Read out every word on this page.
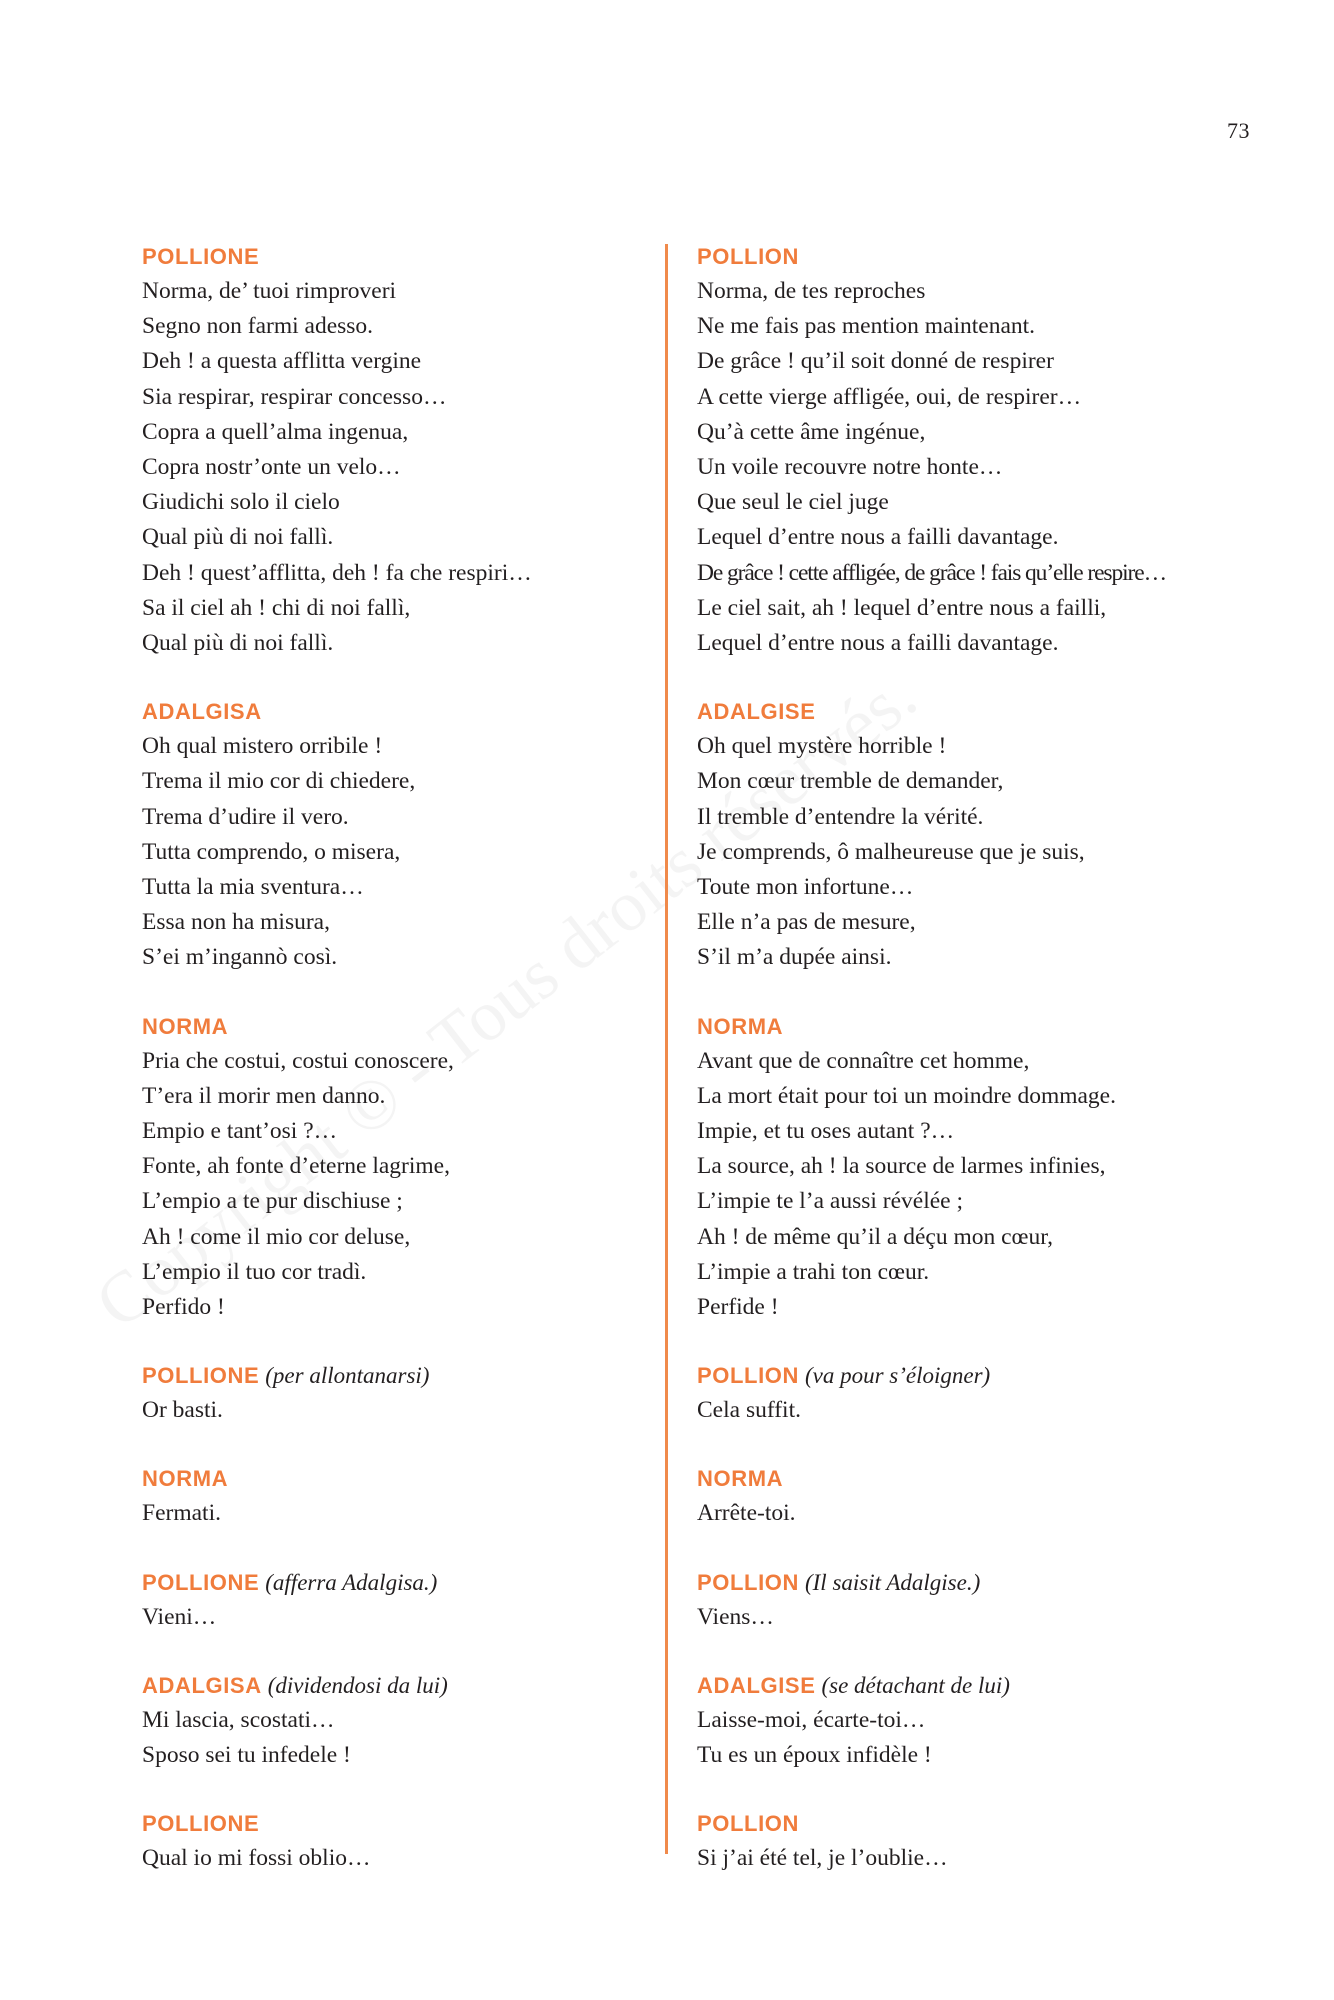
73
POLLIONE
Norma, de’ tuoi rimproveri
Segno non farmi adesso.
Deh ! a questa afflitta vergine
Sia respirar, respirar concesso…
Copra a quell’alma ingenua,
Copra nostr’onte un velo…
Giudichi solo il cielo
Qual più di noi fallì.
Deh ! quest’afflitta, deh ! fa che respiri…
Sa il ciel ah ! chi di noi fallì,
Qual più di noi fallì.
ADALGISA
Oh qual mistero orribile !
Trema il mio cor di chiedere,
Trema d’udire il vero.
Tutta comprendo, o misera,
Tutta la mia sventura…
Essa non ha misura,
S’ei m’ingannò così.
NORMA
Pria che costui, costui conoscere,
T’era il morir men danno.
Empio e tant’osi ?…
Fonte, ah fonte d’eterne lagrime,
L’empio a te pur dischiuse ;
Ah ! come il mio cor deluse,
L’empio il tuo cor tradì.
Perfido !
POLLIONE (per allontanarsi)
Or basti.
NORMA
Fermati.
POLLIONE (afferra Adalgisa.)
Vieni…
ADALGISA (dividendosi da lui)
Mi lascia, scostati…
Sposo sei tu infedele !
POLLIONE
Qual io mi fossi oblio…
POLLION
Norma, de tes reproches
Ne me fais pas mention maintenant.
De grâce ! qu’il soit donné de respirer
A cette vierge affligée, oui, de respirer…
Qu’à cette âme ingénue,
Un voile recouvre notre honte…
Que seul le ciel juge
Lequel d’entre nous a failli davantage.
De grâce ! cette affligée, de grâce ! fais qu’elle respire…
Le ciel sait, ah ! lequel d’entre nous a failli,
Lequel d’entre nous a failli davantage.
ADALGISE
Oh quel mystère horrible !
Mon cœur tremble de demander,
Il tremble d’entendre la vérité.
Je comprends, ô malheureuse que je suis,
Toute mon infortune…
Elle n’a pas de mesure,
S’il m’a dupée ainsi.
NORMA
Avant que de connaître cet homme,
La mort était pour toi un moindre dommage.
Impie, et tu oses autant ?…
La source, ah ! la source de larmes infinies,
L’impie te l’a aussi révélée ;
Ah ! de même qu’il a déçu mon cœur,
L’impie a trahi ton cœur.
Perfide !
POLLION (va pour s’éloigner)
Cela suffit.
NORMA
Arrête-toi.
POLLION (Il saisit Adalgise.)
Viens…
ADALGISE (se détachant de lui)
Laisse-moi, écarte-toi…
Tu es un époux infidèle !
POLLION
Si j’ai été tel, je l’oublie…
